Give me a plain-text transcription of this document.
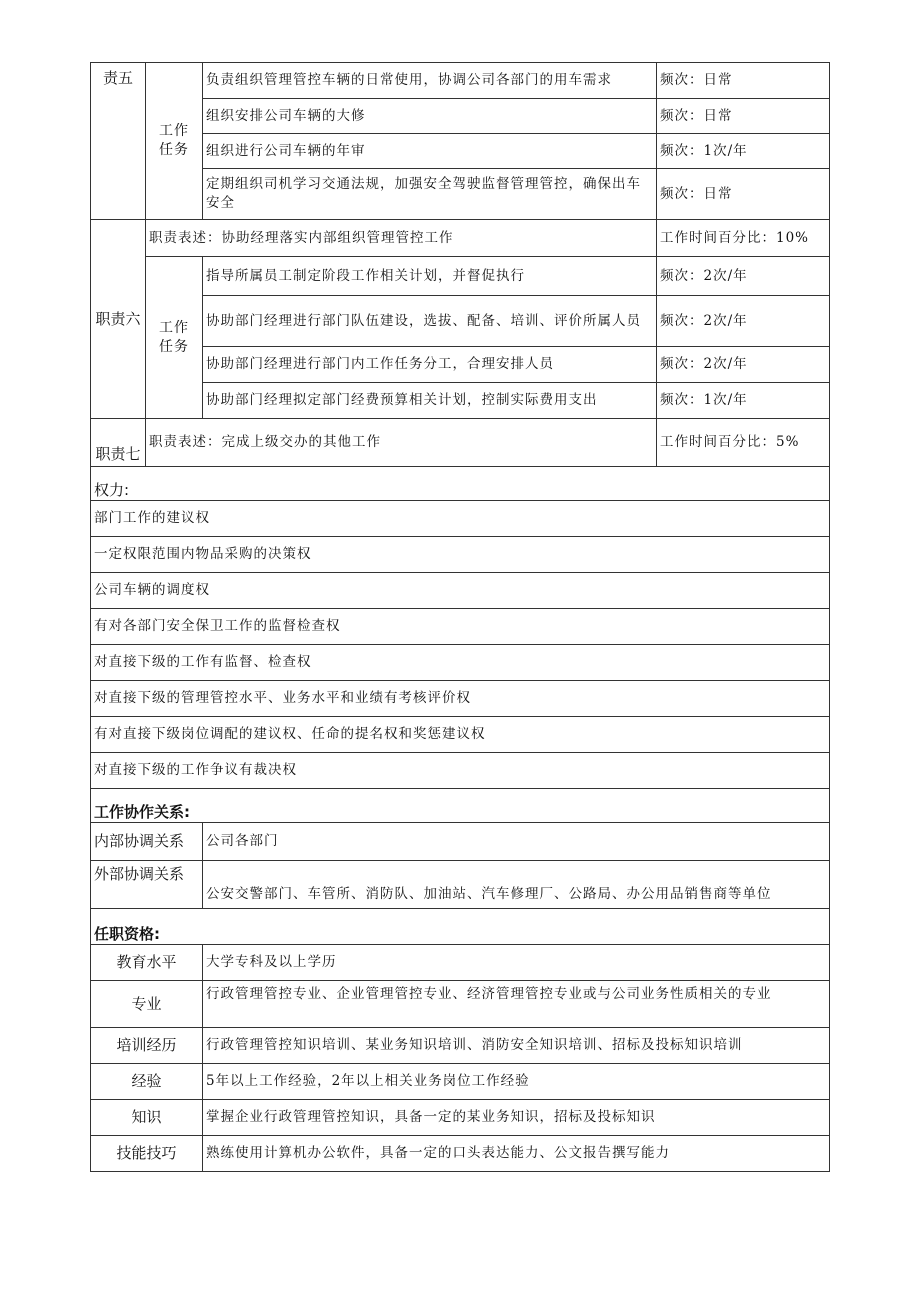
责五	工作任务	负责组织管理管控车辆的日常使用，协调公司各部门的用车需求	频次：日常
		组织安排公司车辆的大修	频次：日常
		组织进行公司车辆的年审	频次：1次/年
		定期组织司机学习交通法规，加强安全驾驶监督管理管控，确保出车安全	频次：日常
职责六	职责表述：协助经理落实内部组织管理管控工作		工作时间百分比：10%
	工作任务	指导所属员工制定阶段工作相关计划，并督促执行	频次：2次/年
		协助部门经理进行部门队伍建设，选拔、配备、培训、评价所属人员	频次：2次/年
		协助部门经理进行部门内工作任务分工，合理安排人员	频次：2次/年
		协助部门经理拟定部门经费预算相关计划，控制实际费用支出	频次：1次/年
职责七	职责表述：完成上级交办的其他工作		工作时间百分比：5%
权力:	
部门工作的建议权	
一定权限范围内物品采购的决策权	
公司车辆的调度权	
有对各部门安全保卫工作的监督检查权	
对直接下级的工作有监督、检查权	
对直接下级的管理管控水平、业务水平和业绩有考核评价权	
有对直接下级岗位调配的建议权、任命的提名权和奖惩建议权	
对直接下级的工作争议有裁决权	
工作协作关系:	
内部协调关系	公司各部门
外部协调关系	公安交警部门、车管所、消防队、加油站、汽车修理厂、公路局、办公用品销售商等单位
任职资格:	
教育水平	大学专科及以上学历
专业	行政管理管控专业、企业管理管控专业、经济管理管控专业或与公司业务性质相关的专业
培训经历	行政管理管控知识培训、某业务知识培训、消防安全知识培训、招标及投标知识培训
经验	5年以上工作经验，2年以上相关业务岗位工作经验
知识	掌握企业行政管理管控知识，具备一定的某业务知识，招标及投标知识
技能技巧	熟练使用计算机办公软件，具备一定的口头表达能力、公文报告撰写能力
